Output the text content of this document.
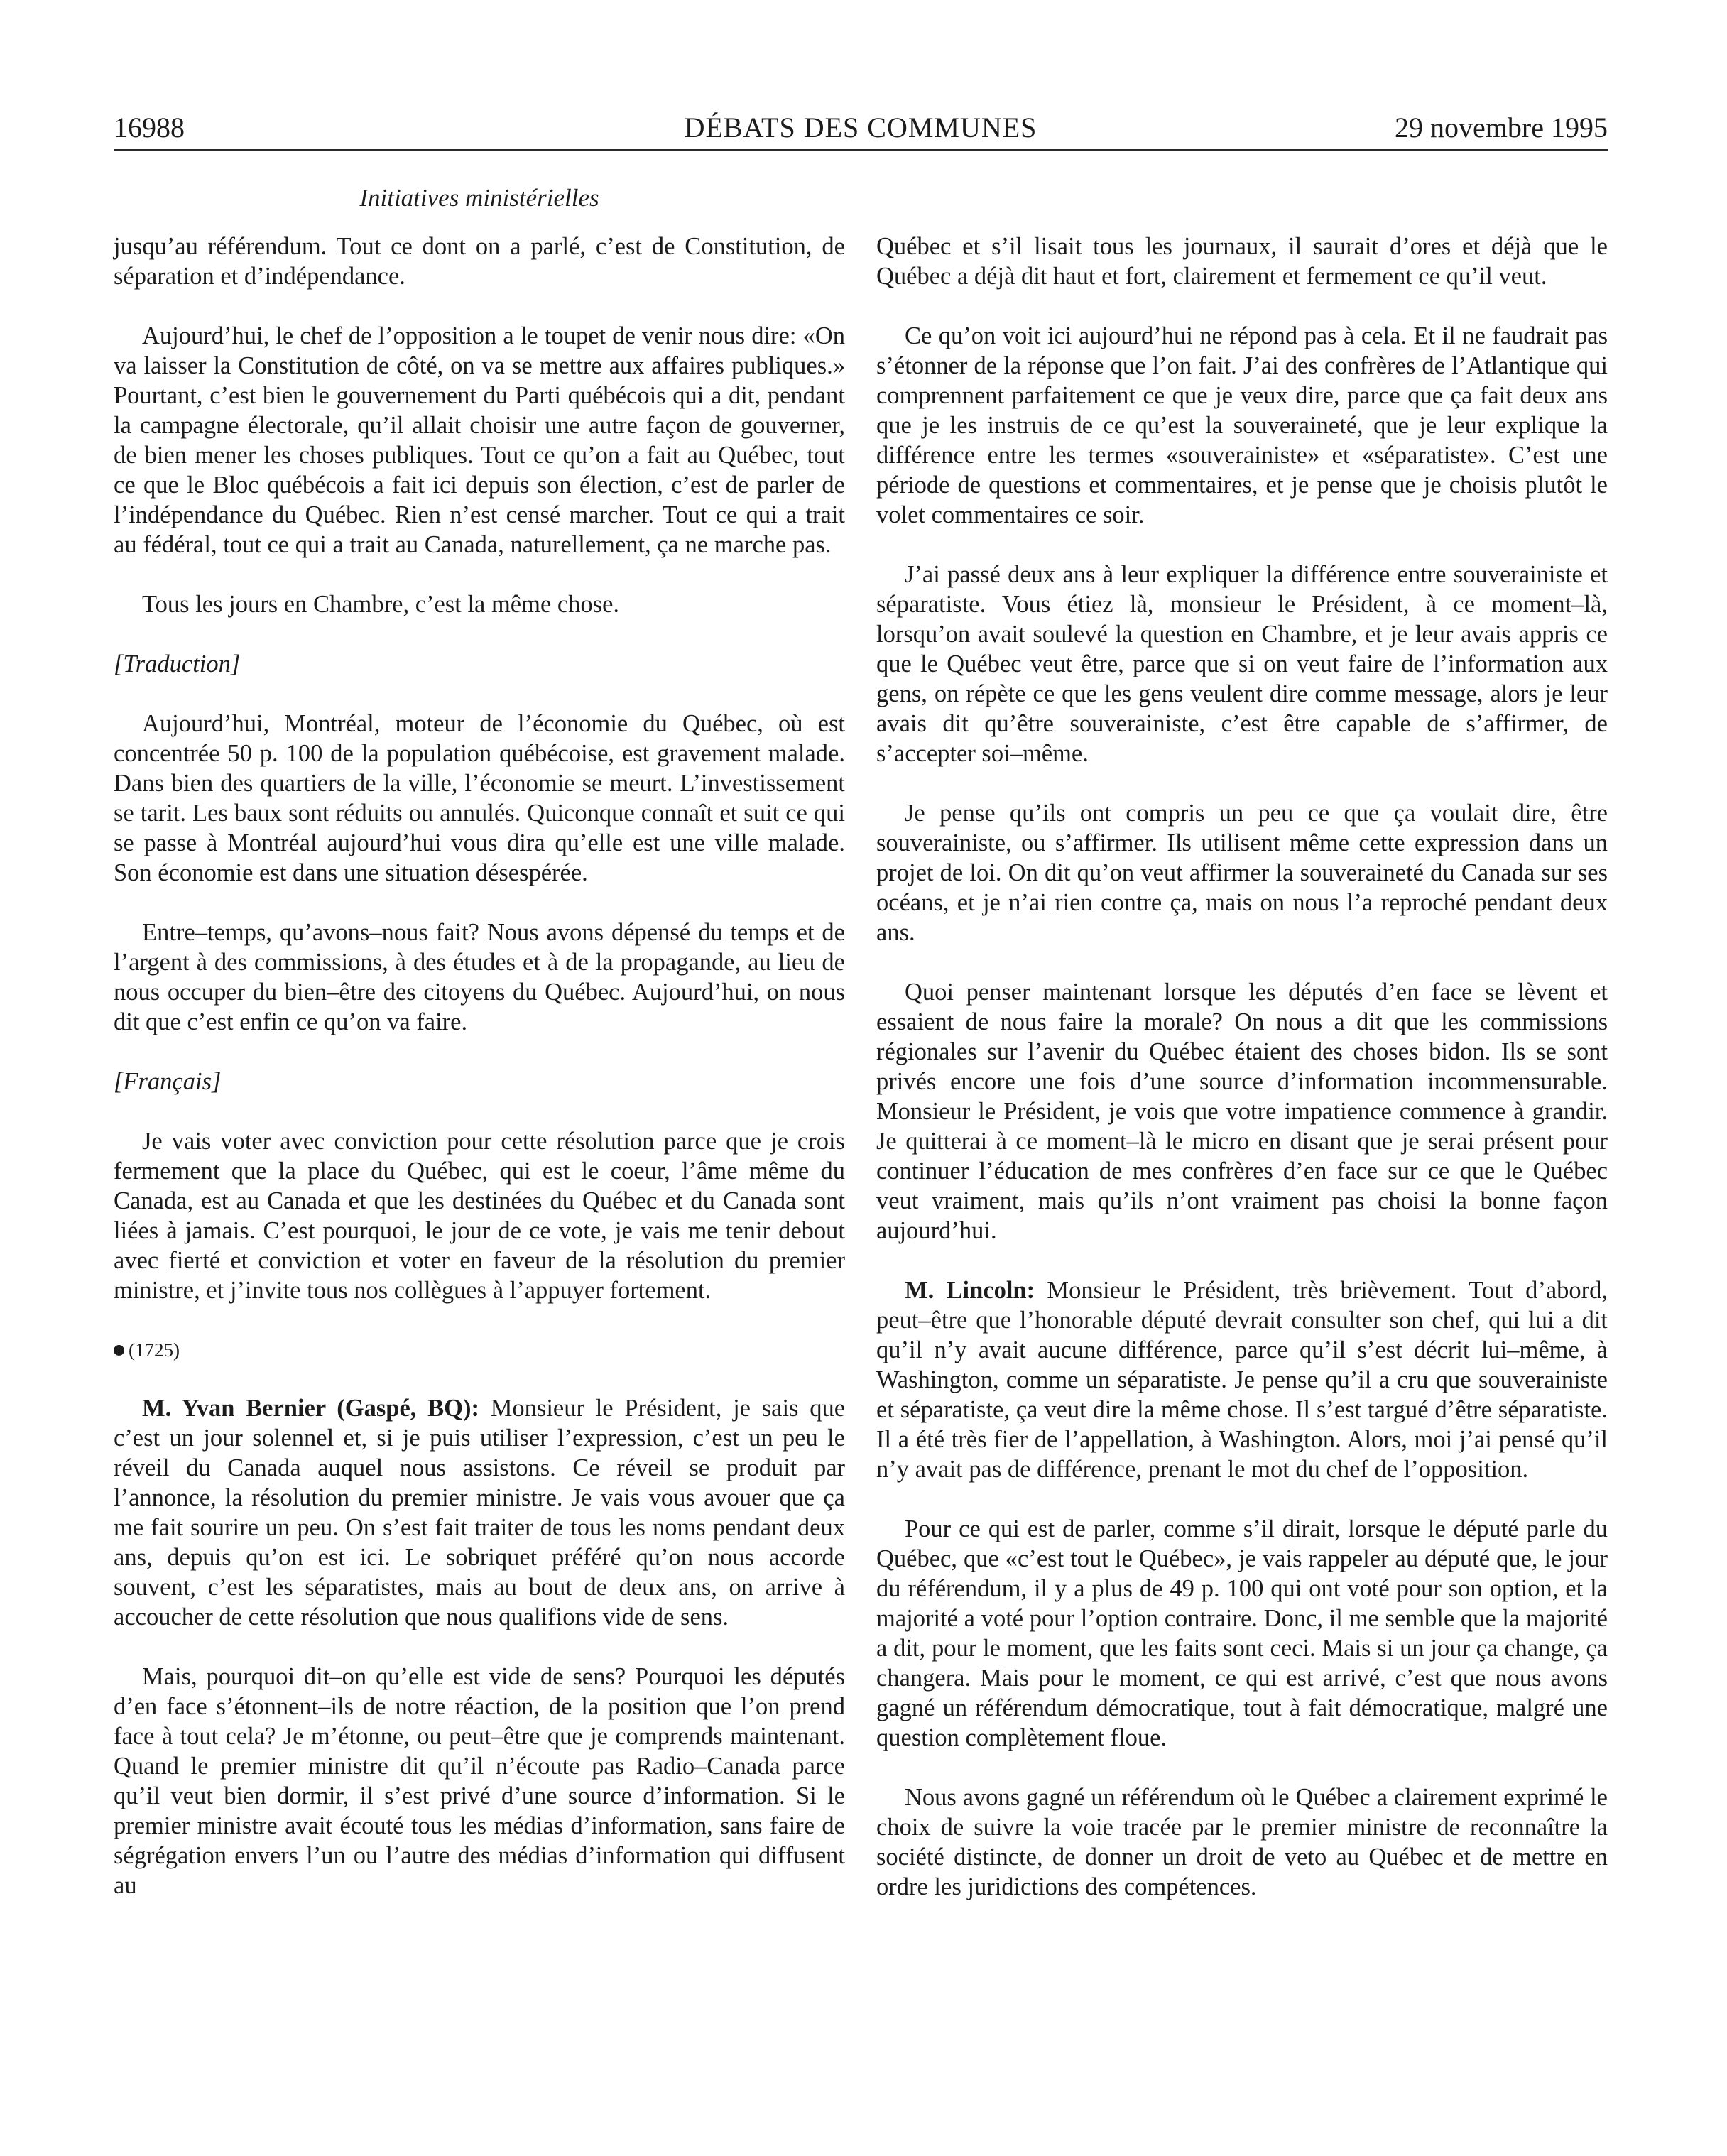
16988	DÉBATS DES COMMUNES	29 novembre 1995
Initiatives ministérielles

jusqu’au référendum. Tout ce dont on a parlé, c’est de Constitution, de séparation et d’indépendance.

Aujourd’hui, le chef de l’opposition a le toupet de venir nous dire: «On va laisser la Constitution de côté, on va se mettre aux affaires publiques.» Pourtant, c’est bien le gouvernement du Parti québécois qui a dit, pendant la campagne électorale, qu’il allait choisir une autre façon de gouverner, de bien mener les choses publiques. Tout ce qu’on a fait au Québec, tout ce que le Bloc québécois a fait ici depuis son élection, c’est de parler de l’indépendance du Québec. Rien n’est censé marcher. Tout ce qui a trait au fédéral, tout ce qui a trait au Canada, naturellement, ça ne marche pas.

Tous les jours en Chambre, c’est la même chose.

[Traduction]

Aujourd’hui, Montréal, moteur de l’économie du Québec, où est concentrée 50 p. 100 de la population québécoise, est gravement malade. Dans bien des quartiers de la ville, l’économie se meurt. L’investissement se tarit. Les baux sont réduits ou annulés. Quiconque connaît et suit ce qui se passe à Montréal aujourd’hui vous dira qu’elle est une ville malade. Son économie est dans une situation désespérée.

Entre–temps, qu’avons–nous fait? Nous avons dépensé du temps et de l’argent à des commissions, à des études et à de la propagande, au lieu de nous occuper du bien–être des citoyens du Québec. Aujourd’hui, on nous dit que c’est enfin ce qu’on va faire.

[Français]

Je vais voter avec conviction pour cette résolution parce que je crois fermement que la place du Québec, qui est le coeur, l’âme même du Canada, est au Canada et que les destinées du Québec et du Canada sont liées à jamais. C’est pourquoi, le jour de ce vote, je vais me tenir debout avec fierté et conviction et voter en faveur de la résolution du premier ministre, et j’invite tous nos collègues à l’appuyer fortement.

(1725)

M. Yvan Bernier (Gaspé, BQ): Monsieur le Président, je sais que c’est un jour solennel et, si je puis utiliser l’expression, c’est un peu le réveil du Canada auquel nous assistons. Ce réveil se produit par l’annonce, la résolution du premier ministre. Je vais vous avouer que ça me fait sourire un peu. On s’est fait traiter de tous les noms pendant deux ans, depuis qu’on est ici. Le sobriquet préféré qu’on nous accorde souvent, c’est les séparatistes, mais au bout de deux ans, on arrive à accoucher de cette résolution que nous qualifions vide de sens.

Mais, pourquoi dit–on qu’elle est vide de sens? Pourquoi les députés d’en face s’étonnent–ils de notre réaction, de la position que l’on prend face à tout cela? Je m’étonne, ou peut–être que je comprends maintenant. Quand le premier ministre dit qu’il n’écoute pas Radio–Canada parce qu’il veut bien dormir, il s’est privé d’une source d’information. Si le premier ministre avait écouté tous les médias d’information, sans faire de ségrégation envers l’un ou l’autre des médias d’information qui diffusent au

Québec et s’il lisait tous les journaux, il saurait d’ores et déjà que le Québec a déjà dit haut et fort, clairement et fermement ce qu’il veut.

Ce qu’on voit ici aujourd’hui ne répond pas à cela. Et il ne faudrait pas s’étonner de la réponse que l’on fait. J’ai des confrères de l’Atlantique qui comprennent parfaitement ce que je veux dire, parce que ça fait deux ans que je les instruis de ce qu’est la souveraineté, que je leur explique la différence entre les termes «souverainiste» et «séparatiste». C’est une période de questions et commentaires, et je pense que je choisis plutôt le volet commentaires ce soir.

J’ai passé deux ans à leur expliquer la différence entre souverainiste et séparatiste. Vous étiez là, monsieur le Président, à ce moment–là, lorsqu’on avait soulevé la question en Chambre, et je leur avais appris ce que le Québec veut être, parce que si on veut faire de l’information aux gens, on répète ce que les gens veulent dire comme message, alors je leur avais dit qu’être souverainiste, c’est être capable de s’affirmer, de s’accepter soi–même.

Je pense qu’ils ont compris un peu ce que ça voulait dire, être souverainiste, ou s’affirmer. Ils utilisent même cette expression dans un projet de loi. On dit qu’on veut affirmer la souveraineté du Canada sur ses océans, et je n’ai rien contre ça, mais on nous l’a reproché pendant deux ans.

Quoi penser maintenant lorsque les députés d’en face se lèvent et essaient de nous faire la morale? On nous a dit que les commissions régionales sur l’avenir du Québec étaient des choses bidon. Ils se sont privés encore une fois d’une source d’information incommensurable. Monsieur le Président, je vois que votre impatience commence à grandir. Je quitterai à ce moment–là le micro en disant que je serai présent pour continuer l’éducation de mes confrères d’en face sur ce que le Québec veut vraiment, mais qu’ils n’ont vraiment pas choisi la bonne façon aujourd’hui.

M. Lincoln: Monsieur le Président, très brièvement. Tout d’abord, peut–être que l’honorable député devrait consulter son chef, qui lui a dit qu’il n’y avait aucune différence, parce qu’il s’est décrit lui–même, à Washington, comme un séparatiste. Je pense qu’il a cru que souverainiste et séparatiste, ça veut dire la même chose. Il s’est targué d’être séparatiste. Il a été très fier de l’appellation, à Washington. Alors, moi j’ai pensé qu’il n’y avait pas de différence, prenant le mot du chef de l’opposition.

Pour ce qui est de parler, comme s’il dirait, lorsque le député parle du Québec, que «c’est tout le Québec», je vais rappeler au député que, le jour du référendum, il y a plus de 49 p. 100 qui ont voté pour son option, et la majorité a voté pour l’option contraire. Donc, il me semble que la majorité a dit, pour le moment, que les faits sont ceci. Mais si un jour ça change, ça changera. Mais pour le moment, ce qui est arrivé, c’est que nous avons gagné un référendum démocratique, tout à fait démocratique, malgré une question complètement floue.

Nous avons gagné un référendum où le Québec a clairement exprimé le choix de suivre la voie tracée par le premier ministre de reconnaître la société distincte, de donner un droit de veto au Québec et de mettre en ordre les juridictions des compétences.
